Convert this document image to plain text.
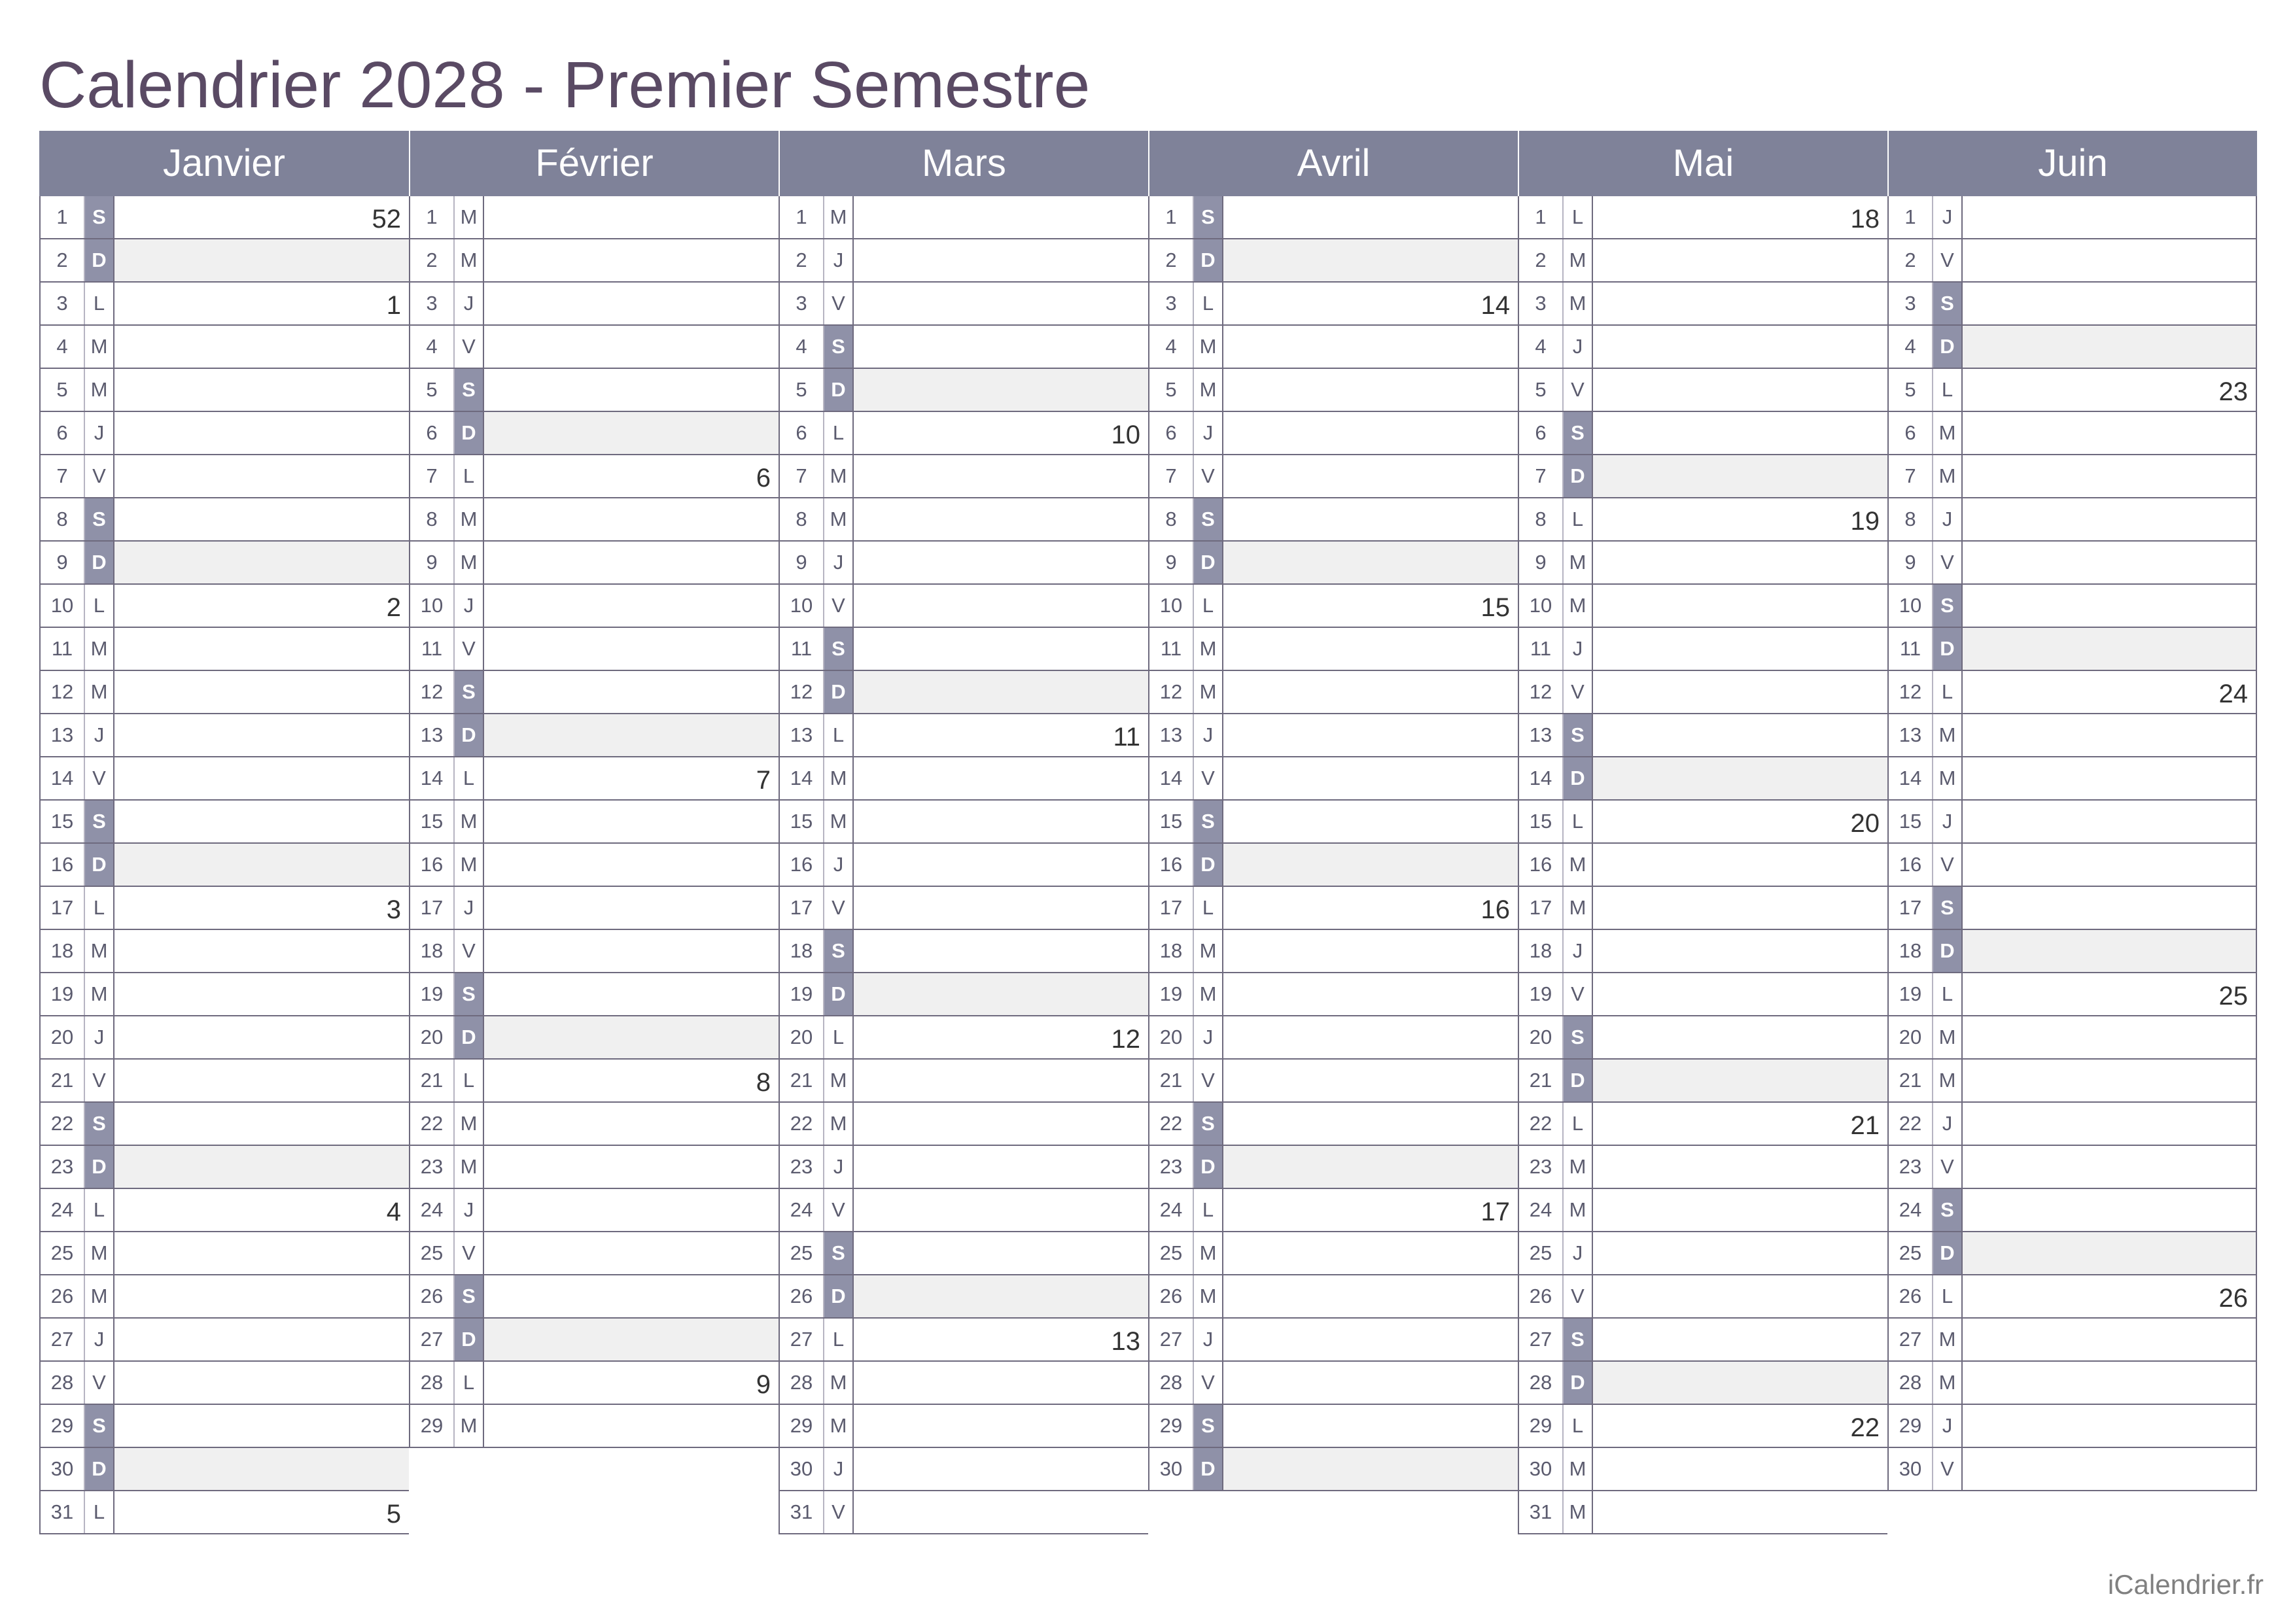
Calendrier 2028 - Premier Semestre
Janvier
1	S	52
2	D
3	L	1
4	M
5	M
6	J
7	V
8	S
9	D
10 L	2
11 M
12 M
13	J
14 V
15 S
16 D
17 L	3
18 M
19 M
20	J
21 V
22 S
23 D
24 L	4
25 M
26 M
27	J
28 V
29 S
30 D
31 L	5
Février
1	M
2	M
3	J
4	V
5	S
6	D
7	L	6
8	M
9	M
10	J
11 V
12 S
13 D
14 L	7
15 M
16 M
17	J
18 V
19 S
20 D
21 L	8
22 M
23 M
24	J
25 V
26 S
27 D
28 L	9
29 M
Mars
1	M
2	J
3	V
4	S
5	D
6	L	10
7	M
8	M
9	J
10 V
11 S
12 D
13 L	11
14 M
15 M
16	J
17 V
18 S
19 D
20 L	12
21 M
22 M
23	J
24 V
25 S
26 D
27 L	13
28 M
29 M
30	J
31 V
Avril
1	S
2	D
3	L	14
4	M
5	M
6	J
7	V
8	S
9	D
10 L	15
11 M
12 M
13	J
14 V
15 S
16 D
17 L	16
18 M
19 M
20	J
21 V
22 S
23 D
24 L	17
25 M
26 M
27	J
28 V
29 S
30 D
Mai
1	L	18
2	M
3	M
4	J
5	V
6	S
7	D
8	L	19
9	M
10 M
11	J
12 V
13 S
14 D
15 L	20
16 M
17 M
18	J
19 V
20 S
21 D
22 L	21
23 M
24 M
25	J
26 V
27 S
28 D
29 L	22
30 M
31 M
Juin
1	J
2	V
3	S
4	D
5	L	23
6	M
7	M
8	J
9	V
10 S
11 D
12 L	24
13 M
14 M
15	J
16 V
17 S
18 D
19 L	25
20 M
21 M
22	J
23 V
24 S
25 D
26 L	26
27 M
28 M
29	J
30 V
iCalendrier.fr
